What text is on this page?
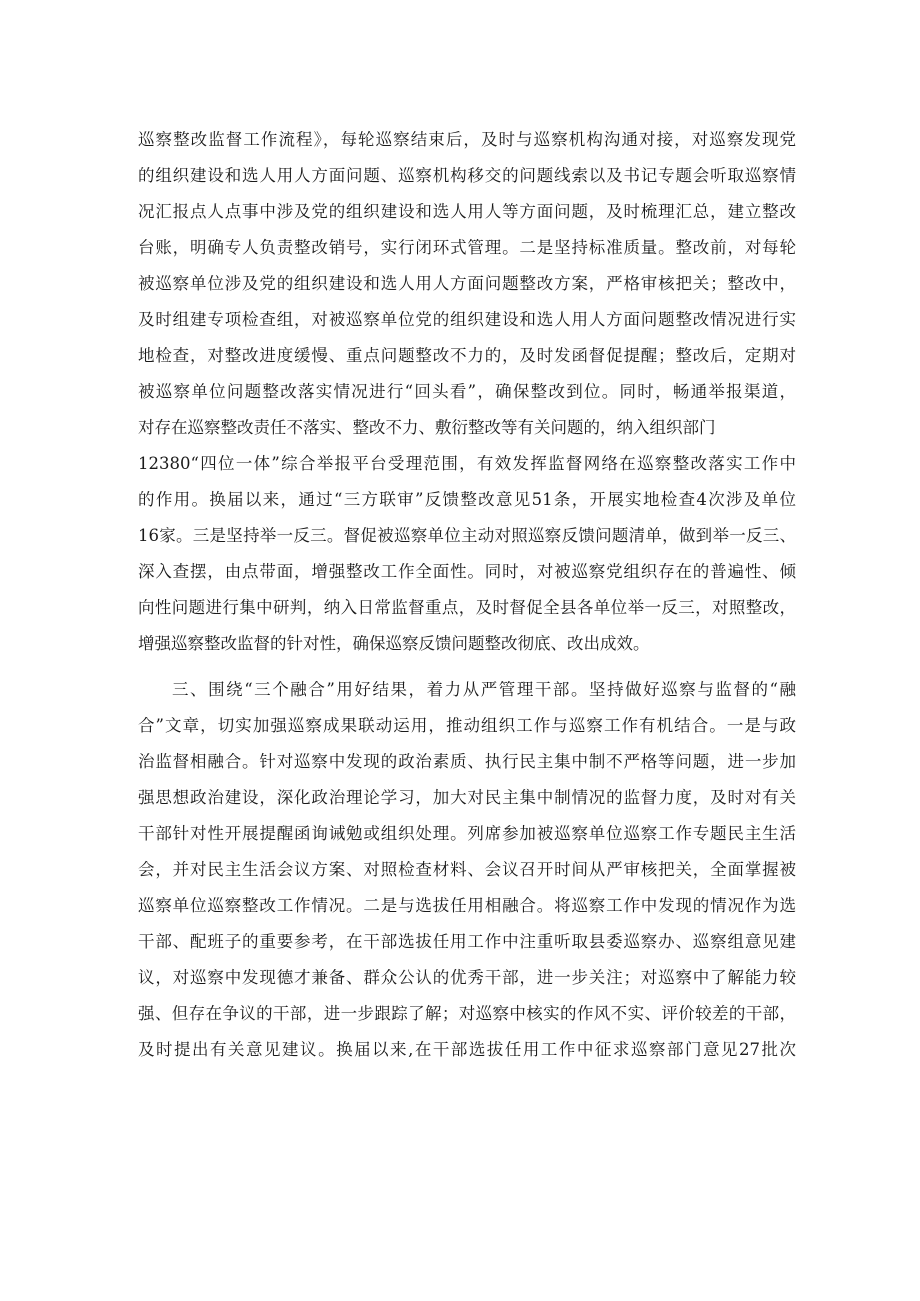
巡察整改监督工作流程》，每轮巡察结束后，及时与巡察机构沟通对接，对巡察发现党
的组织建设和选人用人方面问题、巡察机构移交的问题线索以及书记专题会听取巡察情
况汇报点人点事中涉及党的组织建设和选人用人等方面问题，及时梳理汇总，建立整改
台账，明确专人负责整改销号，实行闭环式管理。二是坚持标准质量。整改前，对每轮
被巡察单位涉及党的组织建设和选人用人方面问题整改方案，严格审核把关；整改中，
及时组建专项检查组，对被巡察单位党的组织建设和选人用人方面问题整改情况进行实
地检查，对整改进度缓慢、重点问题整改不力的，及时发函督促提醒；整改后，定期对
被巡察单位问题整改落实情况进行“回头看”，确保整改到位。同时，畅通举报渠道，
对存在巡察整改责任不落实、整改不力、敷衍整改等有关问题的，纳入组织部门
12380“四位一体”综合举报平台受理范围，有效发挥监督网络在巡察整改落实工作中
的作用。换届以来，通过“三方联审”反馈整改意见51条，开展实地检查4次涉及单位
16家。三是坚持举一反三。督促被巡察单位主动对照巡察反馈问题清单，做到举一反三、
深入查摆，由点带面，增强整改工作全面性。同时，对被巡察党组织存在的普遍性、倾
向性问题进行集中研判，纳入日常监督重点，及时督促全县各单位举一反三，对照整改，
增强巡察整改监督的针对性，确保巡察反馈问题整改彻底、改出成效。
三、围绕“三个融合”用好结果，着力从严管理干部。坚持做好巡察与监督的“融
合”文章，切实加强巡察成果联动运用，推动组织工作与巡察工作有机结合。一是与政
治监督相融合。针对巡察中发现的政治素质、执行民主集中制不严格等问题，进一步加
强思想政治建设，深化政治理论学习，加大对民主集中制情况的监督力度，及时对有关
干部针对性开展提醒函询诫勉或组织处理。列席参加被巡察单位巡察工作专题民主生活
会，并对民主生活会议方案、对照检查材料、会议召开时间从严审核把关，全面掌握被
巡察单位巡察整改工作情况。二是与选拔任用相融合。将巡察工作中发现的情况作为选
干部、配班子的重要参考，在干部选拔任用工作中注重听取县委巡察办、巡察组意见建
议，对巡察中发现德才兼备、群众公认的优秀干部，进一步关注；对巡察中了解能力较
强、但存在争议的干部，进一步跟踪了解；对巡察中核实的作风不实、评价较差的干部，
及时提出有关意见建议。换届以来,在干部选拔任用工作中征求巡察部门意见27批次
